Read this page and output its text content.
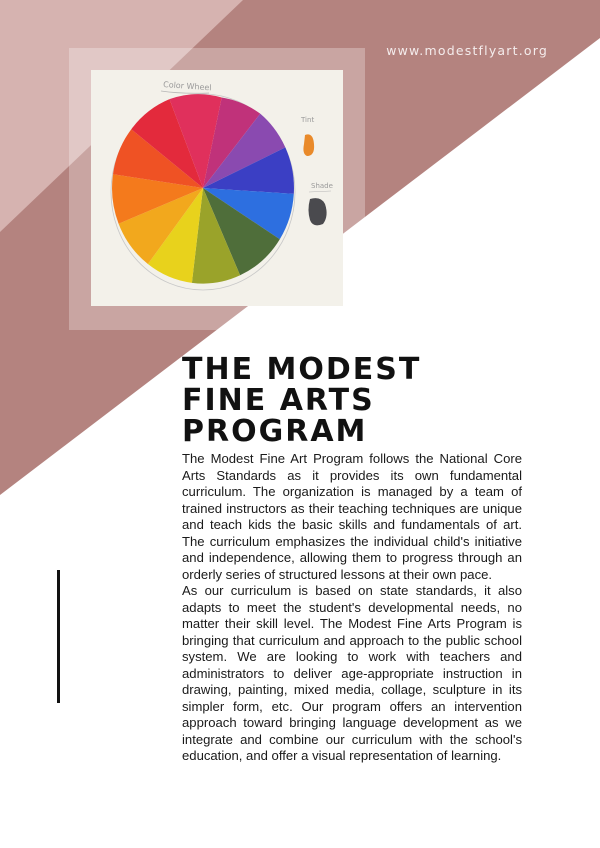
www.modestflyart.org
Color Wheel
Tint
Shade
THE MODEST
FINE ARTS
PROGRAM

The Modest Fine Art Program follows the National Core Arts Standards as it provides its own fundamental curriculum. The organization is managed by a team of trained instructors as their teaching techniques are unique and teach kids the basic skills and fundamentals of art. The curriculum emphasizes the individual child's initiative and independence, allowing them to progress through an orderly series of structured lessons at their own pace.

As our curriculum is based on state standards, it also adapts to meet the student's developmental needs, no matter their skill level. The Modest Fine Arts Program is bringing that curriculum and approach to the public school system. We are looking to work with teachers and administrators to deliver age-appropriate instruction in drawing, painting, mixed media, collage, sculpture in its simpler form, etc. Our program offers an intervention approach toward bringing language development as we integrate and combine our curriculum with the school's education, and offer a visual representation of learning.
